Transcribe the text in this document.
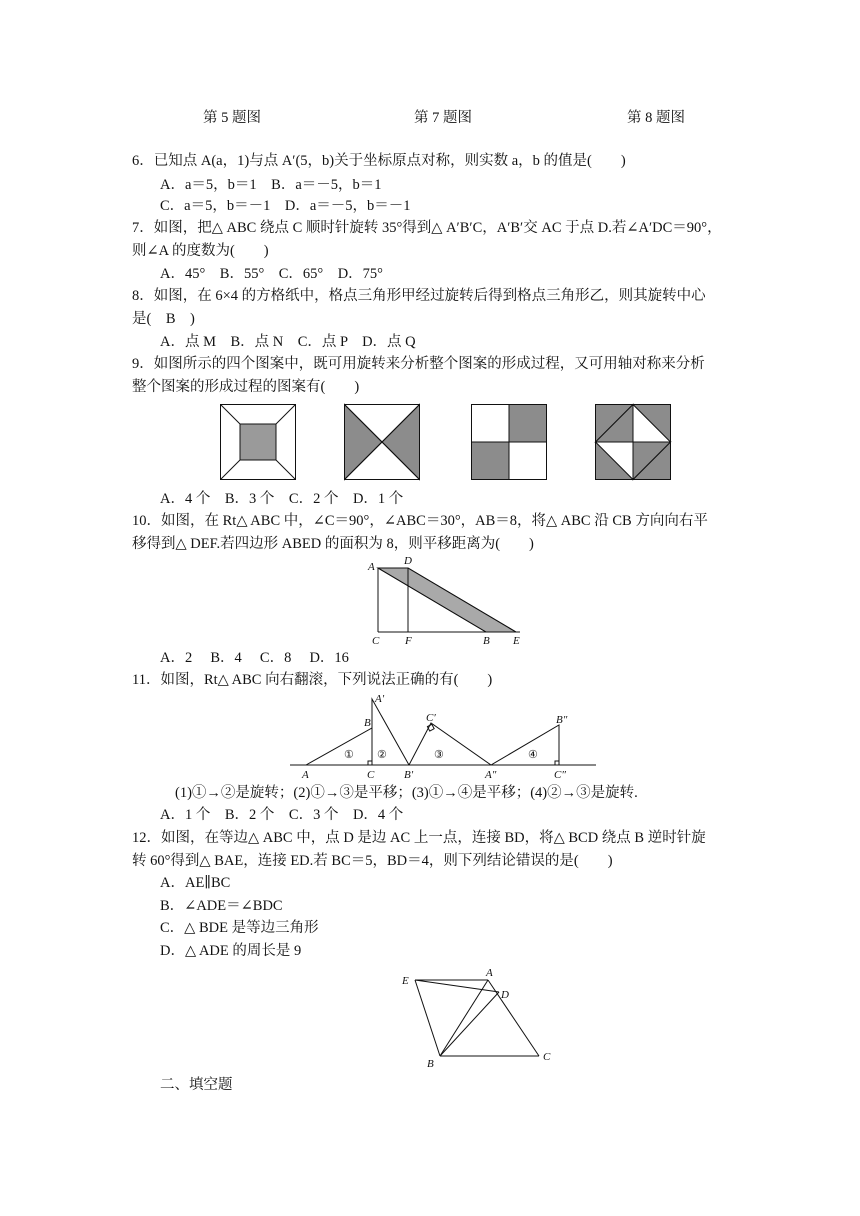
第 5 题图	第 7 题图	第 8 题图
6．已知点 A(a，1)与点 A′(5，b)关于坐标原点对称，则实数 a，b 的值是(　　)
A．a＝5，b＝1　B．a＝－5，b＝1
C．a＝5，b＝－1　D．a＝－5，b＝－1
7．如图，把△ ABC 绕点 C 顺时针旋转 35°得到△ A′B′C，A′B′交 AC 于点 D.若∠A′DC＝90°，
则∠A 的度数为(　　)
A．45°　B．55°　C．65°　D．75°
8．如图，在 6×4 的方格纸中，格点三角形甲经过旋转后得到格点三角形乙，则其旋转中心
是(　B　)
A．点 M　B．点 N　C．点 P　D．点 Q
9．如图所示的四个图案中，既可用旋转来分析整个图案的形成过程，又可用轴对称来分析
整个图案的形成过程的图案有(　　)
A．4 个　B．3 个　C．2 个　D．1 个
10．如图，在 Rt△ ABC 中，∠C＝90°，∠ABC＝30°，AB＝8，将△ ABC 沿 CB 方向向右平
移得到△ DEF.若四边形 ABED 的面积为 8，则平移距离为(　　)
A	D
C F	B E
A．2　 B．4　 C．8　 D．16
11．如图，Rt△ ABC 向右翻滚，下列说法正确的有(　　)
A
B
C
A′
B′
C′
A″
B″
C″
① ②	③	④
(1)①→②是旋转；(2)①→③是平移；(3)①→④是平移；(4)②→③是旋转.
A．1 个　B．2 个　C．3 个　D．4 个
12．如图，在等边△ ABC 中，点 D 是边 AC 上一点，连接 BD，将△ BCD 绕点 B 逆时针旋
转 60°得到△ BAE，连接 ED.若 BC＝5，BD＝4，则下列结论错误的是(　　)
A．AE∥BC
B．∠ADE＝∠BDC
C．△ BDE 是等边三角形
D．△ ADE 的周长是 9
E
A
D
B
C
二、填空题
